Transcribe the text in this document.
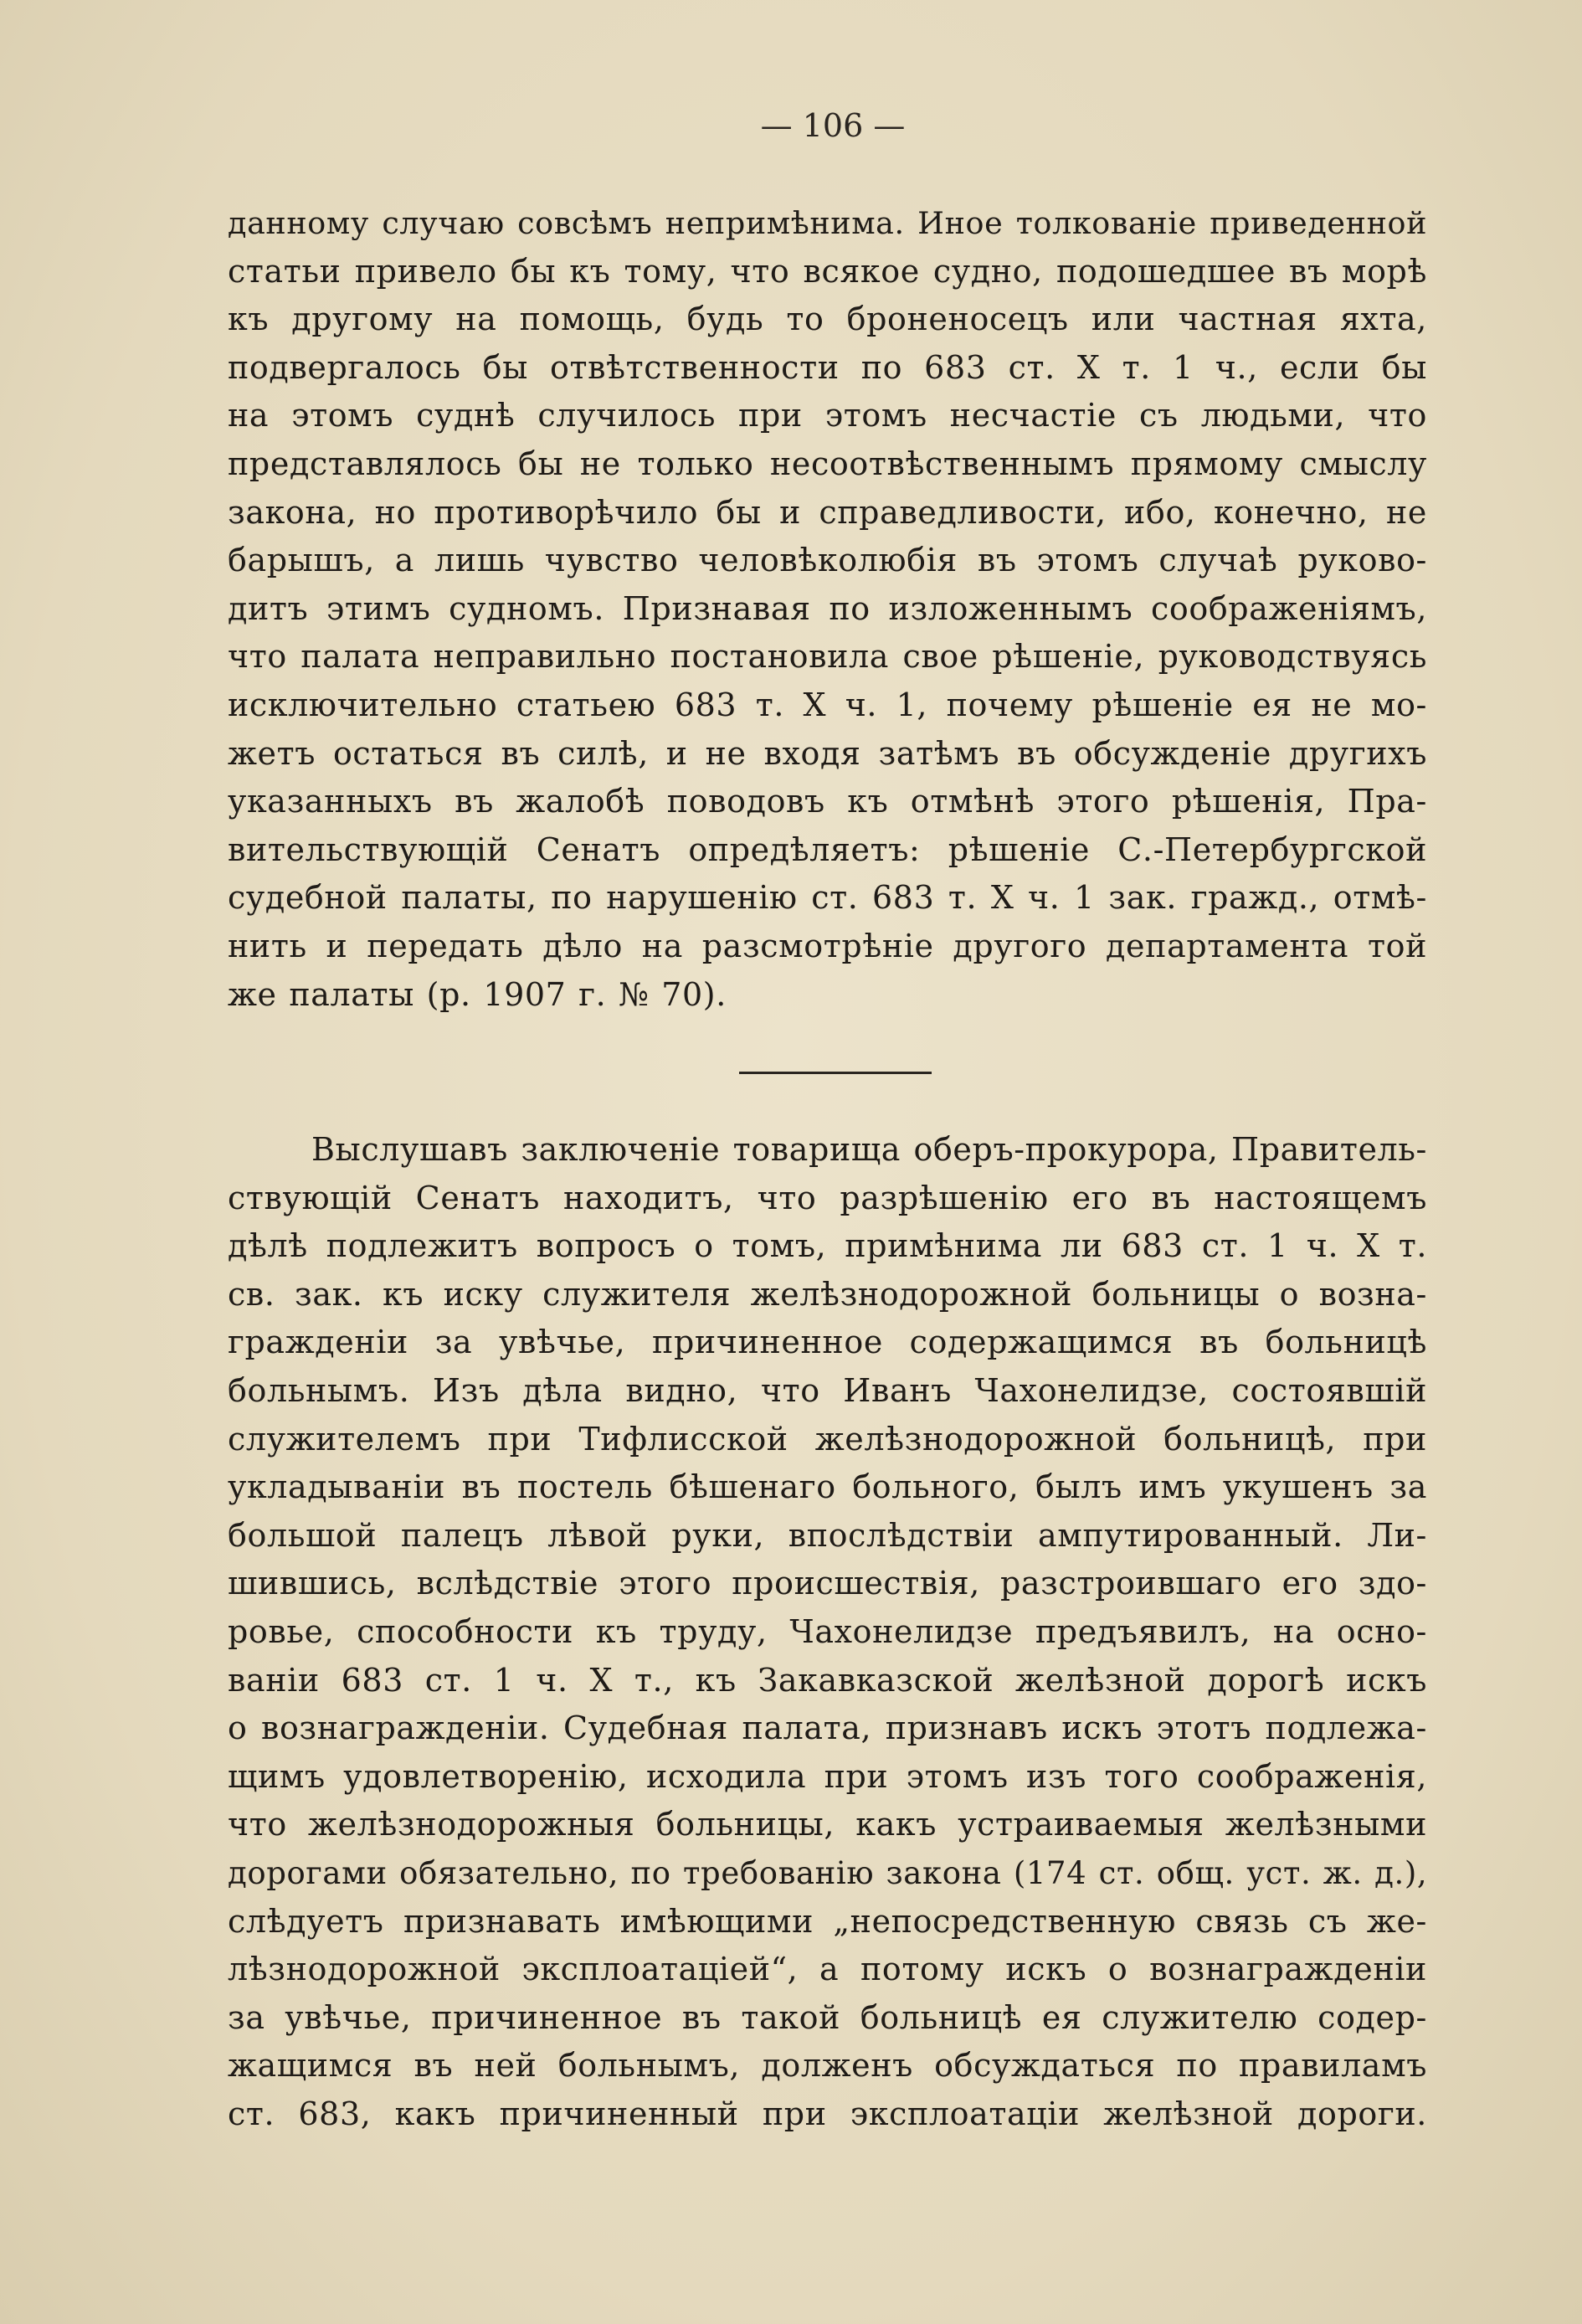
— 106 —
данному случаю совсѣмъ непримѣнима. Иное толкованіе приведенной
статьи привело бы къ тому, что всякое судно, подошедшее въ морѣ
къ другому на помощь, будь то броненосецъ или частная яхта,
подвергалось бы отвѣтственности по 683 ст. X т. 1 ч., если бы
на этомъ суднѣ случилось при этомъ несчастіе съ людьми, что
представлялось бы не только несоотвѣственнымъ прямому смыслу
закона, но противорѣчило бы и справедливости, ибо, конечно, не
барышъ, а лишь чувство человѣколюбія въ этомъ случаѣ руково-
дитъ этимъ судномъ. Признавая по изложеннымъ соображеніямъ,
что палата неправильно постановила свое рѣшеніе, руководствуясь
исключительно статьею 683 т. X ч. 1, почему рѣшеніе ея не мо-
жетъ остаться въ силѣ, и не входя затѣмъ въ обсужденіе другихъ
указанныхъ въ жалобѣ поводовъ къ отмѣнѣ этого рѣшенія, Пра-
вительствующій Сенатъ опредѣляетъ: рѣшеніе С.-Петербургской
судебной палаты, по нарушенію ст. 683 т. X ч. 1 зак. гражд., отмѣ-
нить и передать дѣло на разсмотрѣніе другого департамента той
же палаты (р. 1907 г. № 70).
Выслушавъ заключеніе товарища оберъ-прокурора, Правитель-
ствующій Сенатъ находитъ, что разрѣшенію его въ настоящемъ
дѣлѣ подлежитъ вопросъ о томъ, примѣнима ли 683 ст. 1 ч. X т.
св. зак. къ иску служителя желѣзнодорожной больницы о возна-
гражденіи за увѣчье, причиненное содержащимся въ больницѣ
больнымъ. Изъ дѣла видно, что Иванъ Чахонелидзе, состоявшій
служителемъ при Тифлисской желѣзнодорожной больницѣ, при
укладываніи въ постель бѣшенаго больного, былъ имъ укушенъ за
большой палецъ лѣвой руки, впослѣдствіи ампутированный. Ли-
шившись, вслѣдствіе этого происшествія, разстроившаго его здо-
ровье, способности къ труду, Чахонелидзе предъявилъ, на осно-
ваніи 683 ст. 1 ч. X т., къ Закавказской желѣзной дорогѣ искъ
о вознагражденіи. Судебная палата, признавъ искъ этотъ подлежа-
щимъ удовлетворенію, исходила при этомъ изъ того соображенія,
что желѣзнодорожныя больницы, какъ устраиваемыя желѣзными
дорогами обязательно, по требованію закона (174 ст. общ. уст. ж. д.),
слѣдуетъ признавать имѣющими „непосредственную связь съ же-
лѣзнодорожной эксплоатаціей“, а потому искъ о вознагражденіи
за увѣчье, причиненное въ такой больницѣ ея служителю содер-
жащимся въ ней больнымъ, долженъ обсуждаться по правиламъ
ст. 683, какъ причиненный при эксплоатаціи желѣзной дороги.
